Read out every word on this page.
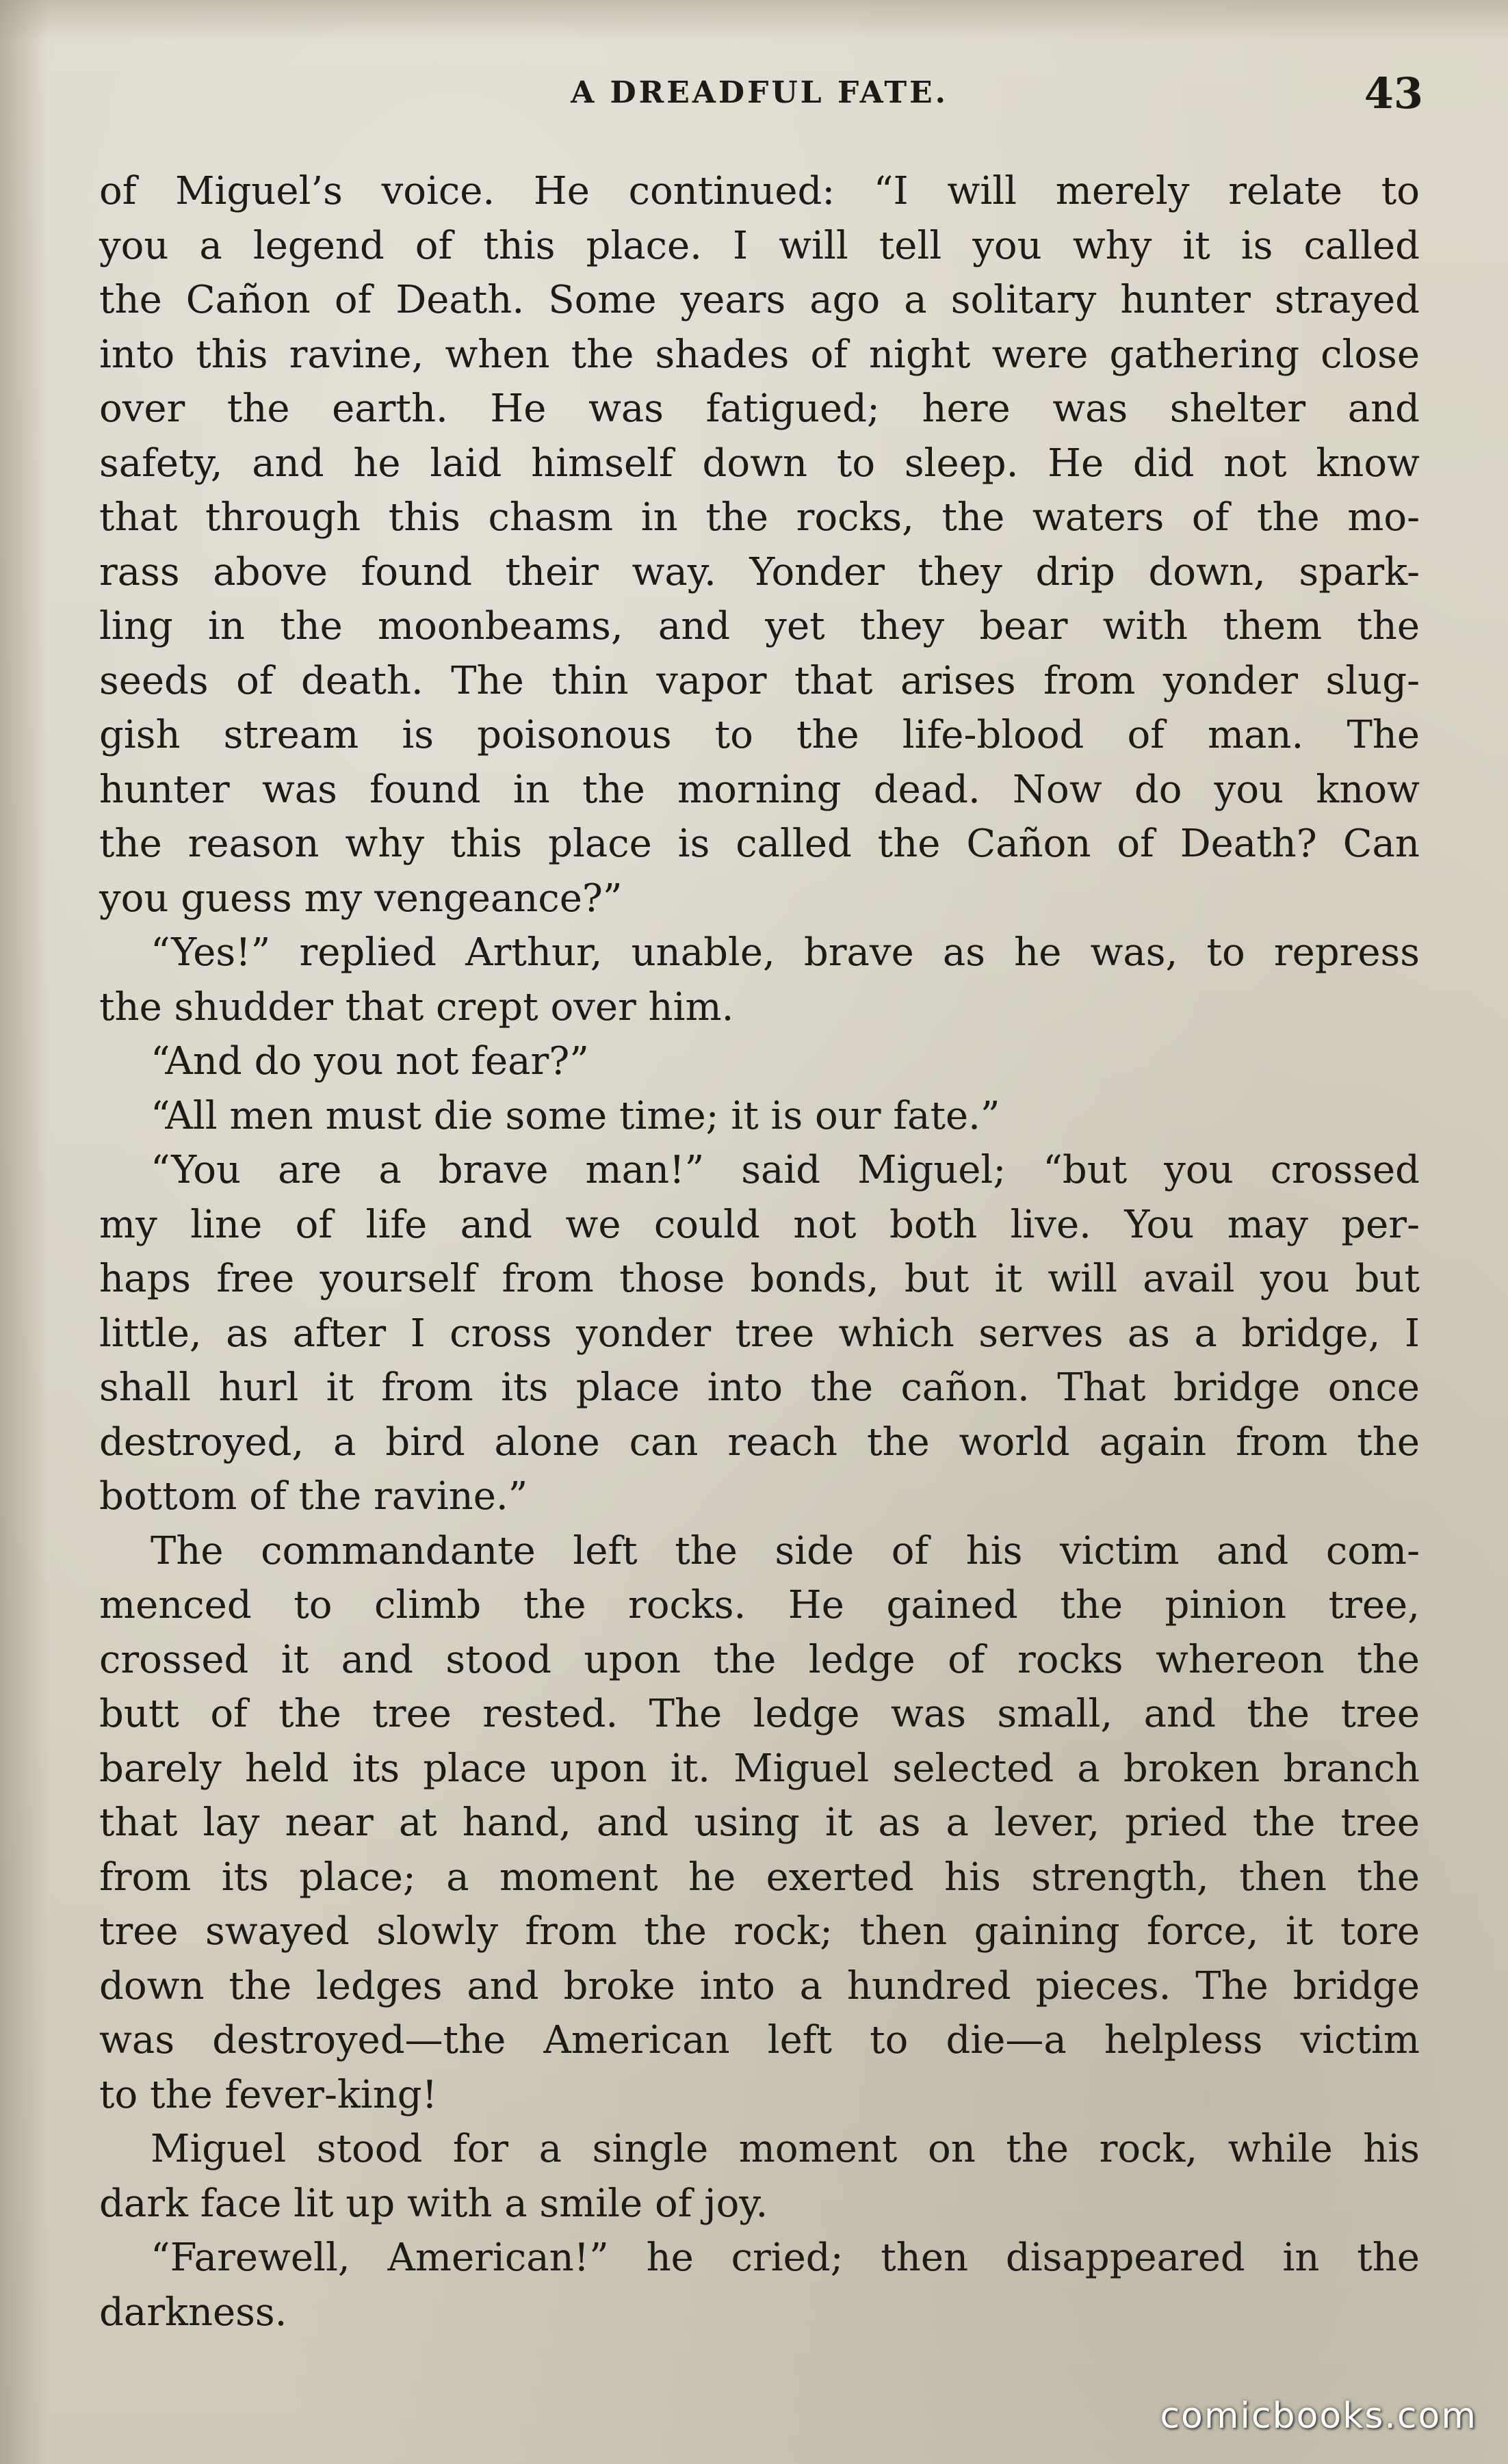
A DREADFUL FATE.	43
of Miguel’s voice. He continued: “I will merely relate to
you a legend of this place. I will tell you why it is called
the Cañon of Death. Some years ago a solitary hunter strayed
into this ravine, when the shades of night were gathering close
over the earth. He was fatigued; here was shelter and
safety, and he laid himself down to sleep. He did not know
that through this chasm in the rocks, the waters of the mo-
rass above found their way. Yonder they drip down, spark-
ling in the moonbeams, and yet they bear with them the
seeds of death. The thin vapor that arises from yonder slug-
gish stream is poisonous to the life-blood of man. The
hunter was found in the morning dead. Now do you know
the reason why this place is called the Cañon of Death? Can
you guess my vengeance?”
“Yes!” replied Arthur, unable, brave as he was, to repress
the shudder that crept over him.
“And do you not fear?”
“All men must die some time; it is our fate.”
“You are a brave man!” said Miguel; “but you crossed
my line of life and we could not both live. You may per-
haps free yourself from those bonds, but it will avail you but
little, as after I cross yonder tree which serves as a bridge, I
shall hurl it from its place into the cañon. That bridge once
destroyed, a bird alone can reach the world again from the
bottom of the ravine.”
The commandante left the side of his victim and com-
menced to climb the rocks. He gained the pinion tree,
crossed it and stood upon the ledge of rocks whereon the
butt of the tree rested. The ledge was small, and the tree
barely held its place upon it. Miguel selected a broken branch
that lay near at hand, and using it as a lever, pried the tree
from its place; a moment he exerted his strength, then the
tree swayed slowly from the rock; then gaining force, it tore
down the ledges and broke into a hundred pieces. The bridge
was destroyed—the American left to die—a helpless victim
to the fever-king!
Miguel stood for a single moment on the rock, while his
dark face lit up with a smile of joy.
“Farewell, American!” he cried; then disappeared in the
darkness.
comicbooks.com
